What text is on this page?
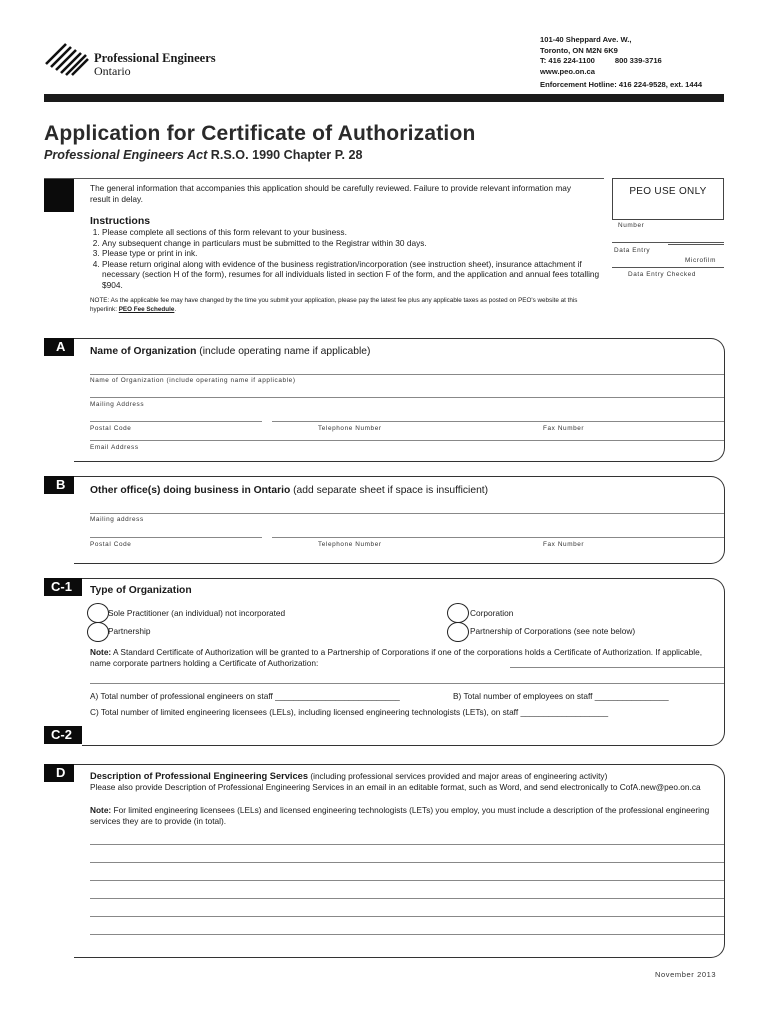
Professional Engineers
Ontario
101-40 Sheppard Ave. W.,
Toronto, ON M2N 6K9
T: 416 224-1100	800 339-3716
www.peo.on.ca
Enforcement Hotline: 416 224-9528, ext. 1444
Application for Certificate of Authorization
Professional Engineers Act R.S.O. 1990 Chapter P. 28
The general information that accompanies this application should be carefully reviewed. Failure to provide relevant information may result in delay.
Instructions
1. Please complete all sections of this form relevant to your business.
2. Any subsequent change in particulars must be submitted to the Registrar within 30 days.
3. Please type or print in ink.
4. Please return original along with evidence of the business registration/incorporation (see instruction sheet), insurance attachment if necessary (section H of the form), resumes for all individuals listed in section F of the form, and the application and annual fees totalling $904.
NOTE: As the applicable fee may have changed by the time you submit your application, please pay the latest fee plus any applicable taxes as posted on PEO's website at this hyperlink: PEO Fee Schedule.
PEO USE ONLY
Number
Data Entry
Microfilm
Data Entry Checked
A	Name of Organization (include operating name if applicable)
Name of Organization (include operating name if applicable)
Mailing Address
Postal Code	Telephone Number	Fax Number
Email Address
B	Other office(s) doing business in Ontario (add separate sheet if space is insufficient)
Mailing address
Postal Code	Telephone Number	Fax Number
C-1	Type of Organization
Sole Practitioner (an individual) not incorporated
Partnership
Corporation
Partnership of Corporations (see note below)
Note: A Standard Certificate of Authorization will be granted to a Partnership of Corporations if one of the corporations holds a Certificate of Authorization. If applicable, name corporate partners holding a Certificate of Authorization:
A) Total number of professional engineers on staff ___________________________	B) Total number of employees on staff ________________
C) Total number of limited engineering licensees (LELs), including licensed engineering technologists (LETs), on staff ___________________
C-2
D	Description of Professional Engineering Services (including professional services provided and major areas of engineering activity)
Please also provide Description of Professional Engineering Services in an email in an editable format, such as Word, and send electronically to CofA.new@peo.on.ca
Note: For limited engineering licensees (LELs) and licensed engineering technologists (LETs) you employ, you must include a description of the professional engineering services they are to provide (in total).
November 2013
